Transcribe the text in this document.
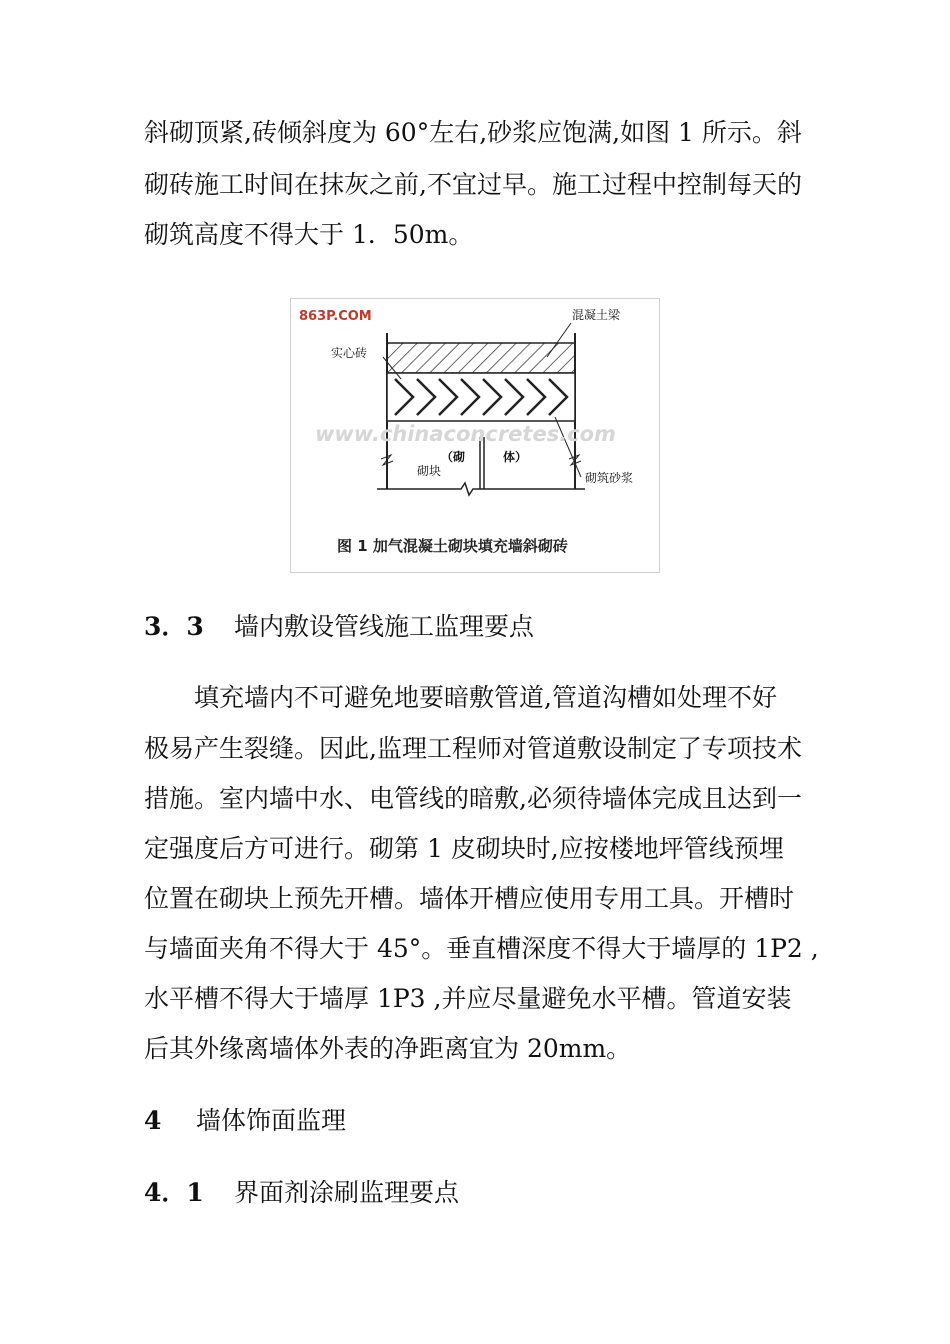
斜砌顶紧,砖倾斜度为 60°左右,砂浆应饱满,如图 1 所示。斜
砌砖施工时间在抹灰之前,不宜过早。施工过程中控制每天的
砌筑高度不得大于 1．50m。
863P.COM	混凝土梁
实心砖
（砌	体）
砌块	砌筑砂浆
www.chinaconcretes.com
图 1 加气混凝土砌块填充墙斜砌砖
3．3 墙内敷设管线施工监理要点
填充墙内不可避免地要暗敷管道,管道沟槽如处理不好
极易产生裂缝。因此,监理工程师对管道敷设制定了专项技术
措施。室内墙中水、电管线的暗敷,必须待墙体完成且达到一
定强度后方可进行。砌第 1 皮砌块时,应按楼地坪管线预埋
位置在砌块上预先开槽。墙体开槽应使用专用工具。开槽时
与墙面夹角不得大于 45°。垂直槽深度不得大于墙厚的 1P2 ,
水平槽不得大于墙厚 1P3 ,并应尽量避免水平槽。管道安装
后其外缘离墙体外表的净距离宜为 20mm。
4 墙体饰面监理
4．1 界面剂涂刷监理要点
